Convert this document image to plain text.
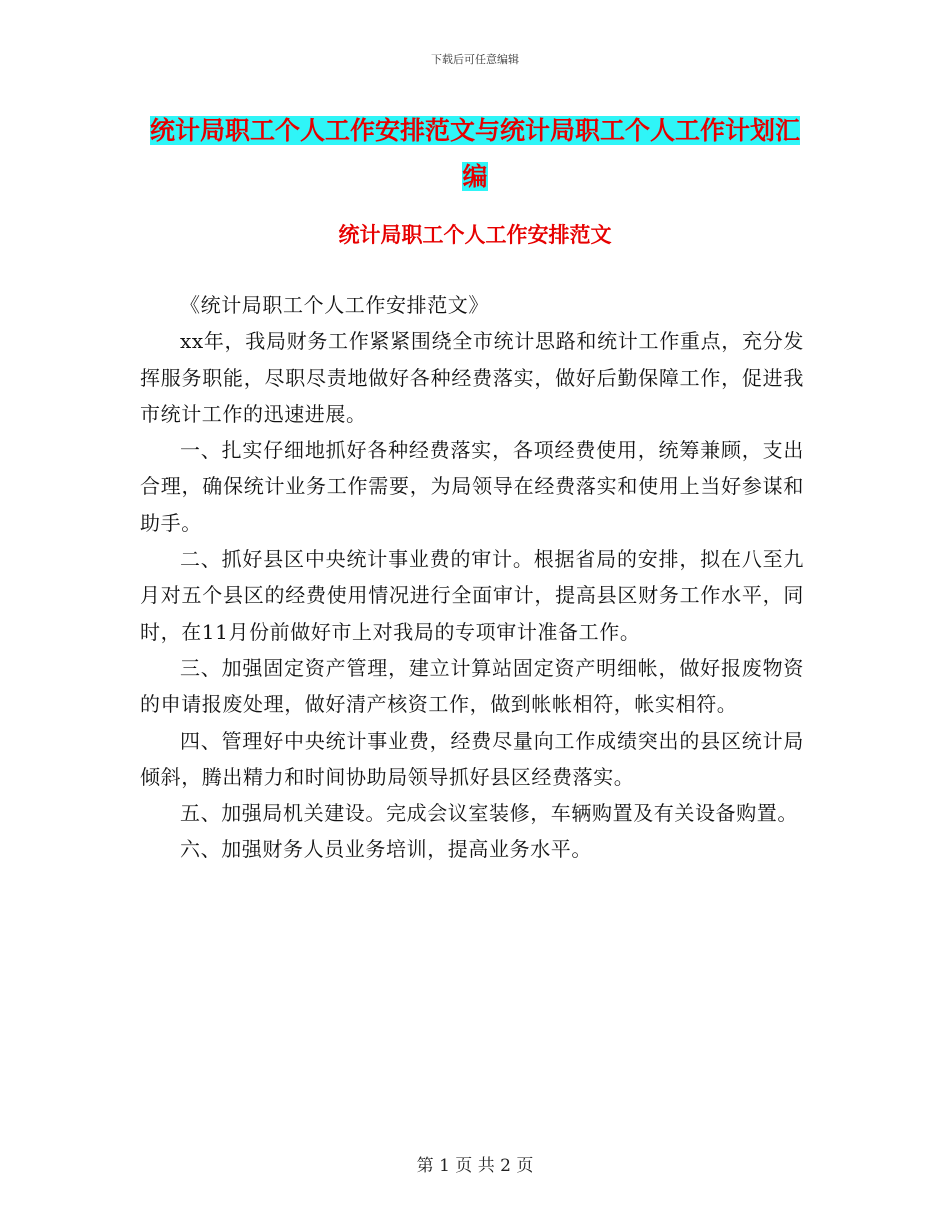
下载后可任意编辑
统计局职工个人工作安排范文与统计局职工个人工作计划汇编
统计局职工个人工作安排范文

《统计局职工个人工作安排范文》

xx年，我局财务工作紧紧围绕全市统计思路和统计工作重点，充分发挥服务职能，尽职尽责地做好各种经费落实，做好后勤保障工作，促进我市统计工作的迅速进展。

一、扎实仔细地抓好各种经费落实，各项经费使用，统筹兼顾，支出合理，确保统计业务工作需要，为局领导在经费落实和使用上当好参谋和助手。

二、抓好县区中央统计事业费的审计。根据省局的安排，拟在八至九月对五个县区的经费使用情况进行全面审计，提高县区财务工作水平，同时，在11月份前做好市上对我局的专项审计准备工作。

三、加强固定资产管理，建立计算站固定资产明细帐，做好报废物资的申请报废处理，做好清产核资工作，做到帐帐相符，帐实相符。

四、管理好中央统计事业费，经费尽量向工作成绩突出的县区统计局倾斜，腾出精力和时间协助局领导抓好县区经费落实。

五、加强局机关建设。完成会议室装修，车辆购置及有关设备购置。

六、加强财务人员业务培训，提高业务水平。

第 1 页 共 2 页
